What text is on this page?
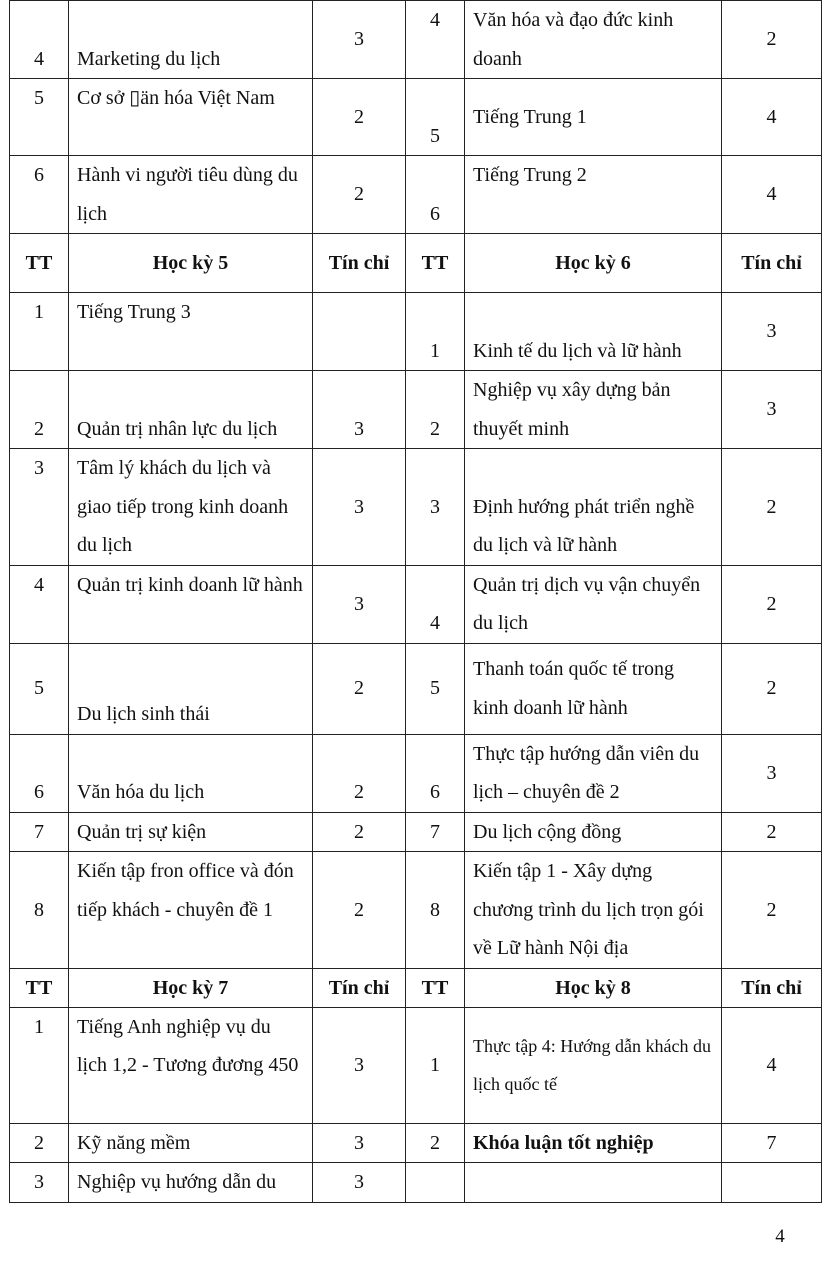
4	Marketing du lịch	3	4	Văn hóa và đạo đức kinh doanh	2
5	Cơ sở ▯än hóa Việt Nam	2	5	Tiếng Trung 1	4
6	Hành vi người tiêu dùng du lịch	2	6	Tiếng Trung 2	4
TT	Học kỳ 5	Tín chỉ	TT	Học kỳ 6	Tín chỉ
1	Tiếng Trung 3		1	Kinh tế du lịch và lữ hành	3
2	Quản trị nhân lực du lịch	3	2	Nghiệp vụ xây dựng bản thuyết minh	3
3	Tâm lý khách du lịch và giao tiếp trong kinh doanh du lịch	3	3	Định hướng phát triển nghề du lịch và lữ hành	2
4	Quản trị kinh doanh lữ hành	3	4	Quản trị dịch vụ vận chuyển du lịch	2
5	Du lịch sinh thái	2	5	Thanh toán quốc tế trong kinh doanh lữ hành	2
6	Văn hóa du lịch	2	6	Thực tập hướng dẫn viên du lịch – chuyên đề 2	3
7	Quản trị sự kiện	2	7	Du lịch cộng đồng	2
8	Kiến tập fron office và đón tiếp khách - chuyên đề 1	2	8	Kiến tập 1 - Xây dựng chương trình du lịch trọn gói về Lữ hành Nội địa	2
TT	Học kỳ 7	Tín chỉ	TT	Học kỳ 8	Tín chỉ
1	Tiếng Anh nghiệp vụ du lịch 1,2 - Tương đương 450	3	1	Thực tập 4: Hướng dẫn khách du lịch quốc tế	4
2	Kỹ năng mềm	3	2	Khóa luận tốt nghiệp	7
3	Nghiệp vụ hướng dẫn du	3			
4
